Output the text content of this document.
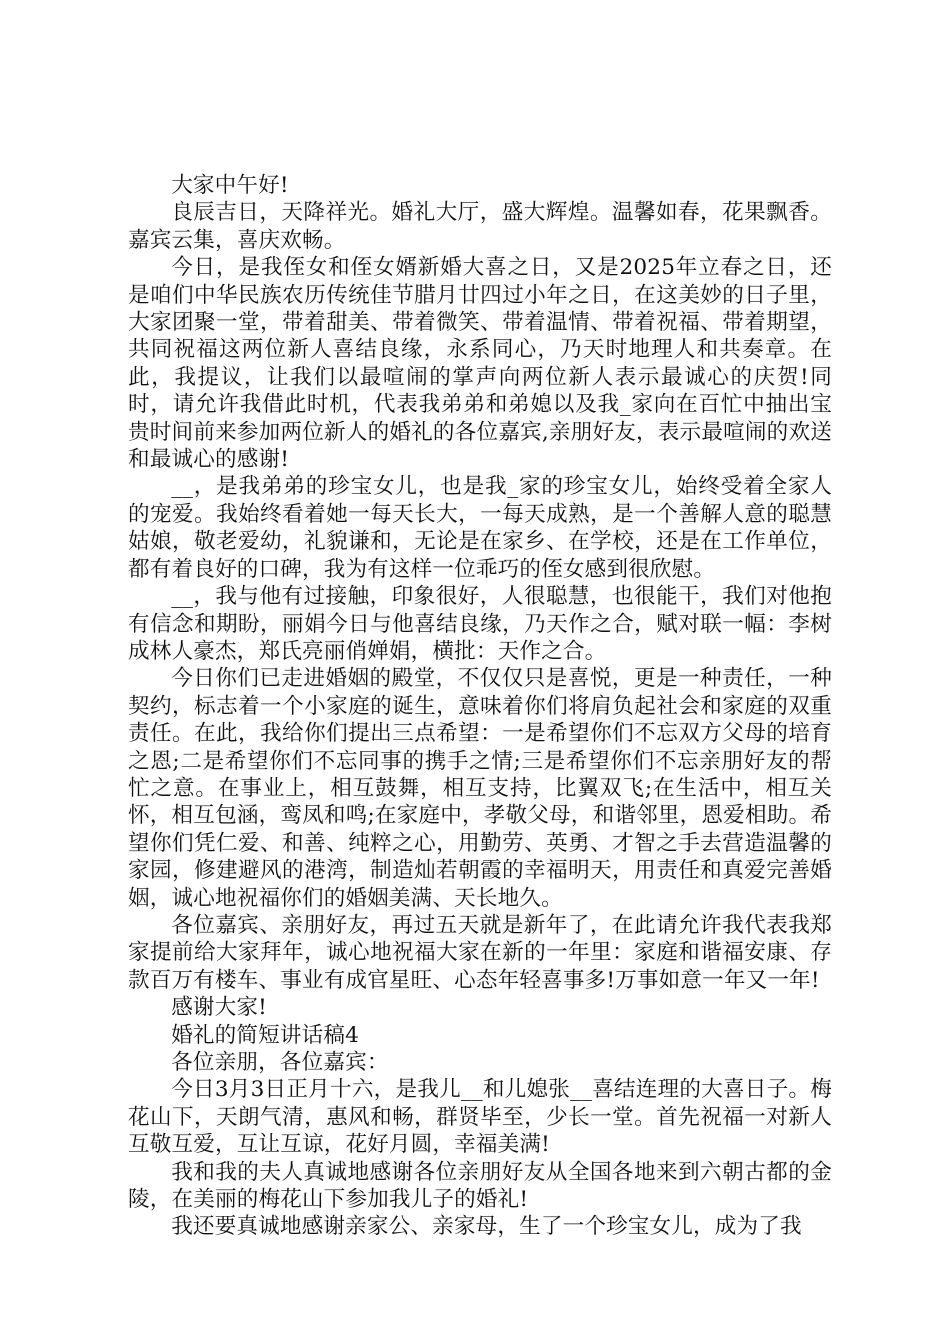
大家中午好!

良辰吉日，天降祥光。婚礼大厅，盛大辉煌。温馨如春，花果飘香。嘉宾云集，喜庆欢畅。

今日，是我侄女和侄女婿新婚大喜之日，又是2025年立春之日，还是咱们中华民族农历传统佳节腊月廿四过小年之日，在这美妙的日子里，大家团聚一堂，带着甜美、带着微笑、带着温情、带着祝福、带着期望，共同祝福这两位新人喜结良缘，永系同心，乃天时地理人和共奏章。在此，我提议，让我们以最喧闹的掌声向两位新人表示最诚心的庆贺!同时，请允许我借此时机，代表我弟弟和弟媳以及我_家向在百忙中抽出宝贵时间前来参加两位新人的婚礼的各位嘉宾,亲朋好友，表示最喧闹的欢送和最诚心的感谢!

__，是我弟弟的珍宝女儿，也是我_家的珍宝女儿，始终受着全家人的宠爱。我始终看着她一每天长大，一每天成熟，是一个善解人意的聪慧姑娘，敬老爱幼，礼貌谦和，无论是在家乡、在学校，还是在工作单位，都有着良好的口碑，我为有这样一位乖巧的侄女感到很欣慰。

__，我与他有过接触，印象很好，人很聪慧，也很能干，我们对他抱有信念和期盼，丽娟今日与他喜结良缘，乃天作之合，赋对联一幅：李树成林人豪杰，郑氏亮丽俏婵娟，横批：天作之合。

今日你们已走进婚姻的殿堂，不仅仅只是喜悦，更是一种责任，一种契约，标志着一个小家庭的诞生，意味着你们将肩负起社会和家庭的双重责任。在此，我给你们提出三点希望：一是希望你们不忘双方父母的培育之恩;二是希望你们不忘同事的携手之情;三是希望你们不忘亲朋好友的帮忙之意。在事业上，相互鼓舞，相互支持，比翼双飞;在生活中，相互关怀，相互包涵，鸾凤和鸣;在家庭中，孝敬父母，和谐邻里，恩爱相助。希望你们凭仁爱、和善、纯粹之心，用勤劳、英勇、才智之手去营造温馨的家园，修建避风的港湾，制造灿若朝霞的幸福明天，用责任和真爱完善婚姻，诚心地祝福你们的婚姻美满、天长地久。

各位嘉宾、亲朋好友，再过五天就是新年了，在此请允许我代表我郑家提前给大家拜年，诚心地祝福大家在新的一年里：家庭和谐福安康、存款百万有楼车、事业有成官星旺、心态年轻喜事多!万事如意一年又一年!

感谢大家!

婚礼的简短讲话稿4

各位亲朋，各位嘉宾：

今日3月3日正月十六，是我儿__和儿媳张__喜结连理的大喜日子。梅花山下，天朗气清，惠风和畅，群贤毕至，少长一堂。首先祝福一对新人互敬互爱，互让互谅，花好月圆，幸福美满!

我和我的夫人真诚地感谢各位亲朋好友从全国各地来到六朝古都的金陵，在美丽的梅花山下参加我儿子的婚礼!

我还要真诚地感谢亲家公、亲家母，生了一个珍宝女儿，成为了我
